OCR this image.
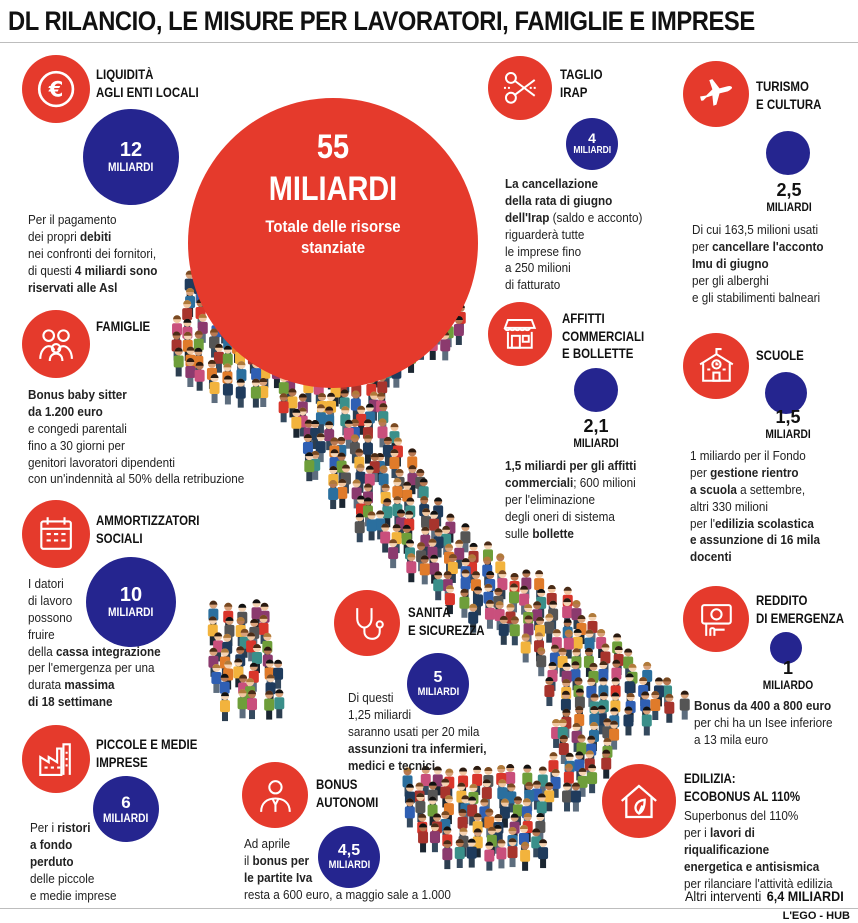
DL RILANCIO, LE MISURE PER LAVORATORI, FAMIGLIE E IMPRESE
55
MILIARDI
Totale delle risorse
stanziate
€
LIQUIDITÀ
AGLI ENTI LOCALI
12
MILIARDI
Per il pagamento
dei propri debiti
nei confronti dei fornitori,
di questi 4 miliardi sono
riservati alle Asl
FAMIGLIE
Bonus baby sitter
da 1.200 euro
e congedi parentali
fino a 30 giorni per
genitori lavoratori dipendenti
con un'indennità al 50% della retribuzione
AMMORTIZZATORI
SOCIALI
10
MILIARDI
I datori
di lavoro
possono
fruire
della cassa integrazione
per l'emergenza per una
durata massima
di 18 settimane
PICCOLE E MEDIE
IMPRESE
6
MILIARDI
Per i ristori
a fondo
perduto
delle piccole
e medie imprese
TAGLIO
IRAP
4
MILIARDI
La cancellazione
della rata di giugno
dell'Irap (saldo e acconto)
riguarderà tutte
le imprese fino
a 250 milioni
di fatturato
TURISMO
E CULTURA
2,5
MILIARDI
Di cui 163,5 milioni usati
per cancellare l'acconto
Imu di giugno
per gli alberghi
e gli stabilimenti balneari
AFFITTI
COMMERCIALI
E BOLLETTE
2,1
MILIARDI
1,5 miliardi per gli affitti
commerciali; 600 milioni
per l'eliminazione
degli oneri di sistema
sulle bollette
SCUOLE
1,5
MILIARDI
1 miliardo per il Fondo
per gestione rientro
a scuola a settembre,
altri 330 milioni
per l'edilizia scolastica
e assunzione di 16 mila
docenti
REDDITO
DI EMERGENZA
1
MILIARDO
Bonus da 400 a 800 euro
per chi ha un Isee inferiore
a 13 mila euro
SANITÀ
E SICUREZZA
5
MILIARDI
Di questi
1,25 miliardi
saranno usati per 20 mila
assunzioni tra infermieri,
medici e tecnici
BONUS
AUTONOMI
4,5
MILIARDI
Ad aprile
il bonus per
le partite Iva
resta a 600 euro, a maggio sale a 1.000
EDILIZIA:
ECOBONUS AL 110%
Superbonus del 110%
per i lavori di riqualificazione
energetica e antisismica
per rilanciare l'attività edilizia
Altri interventi 6,4 MILIARDI
L'EGO - HUB
